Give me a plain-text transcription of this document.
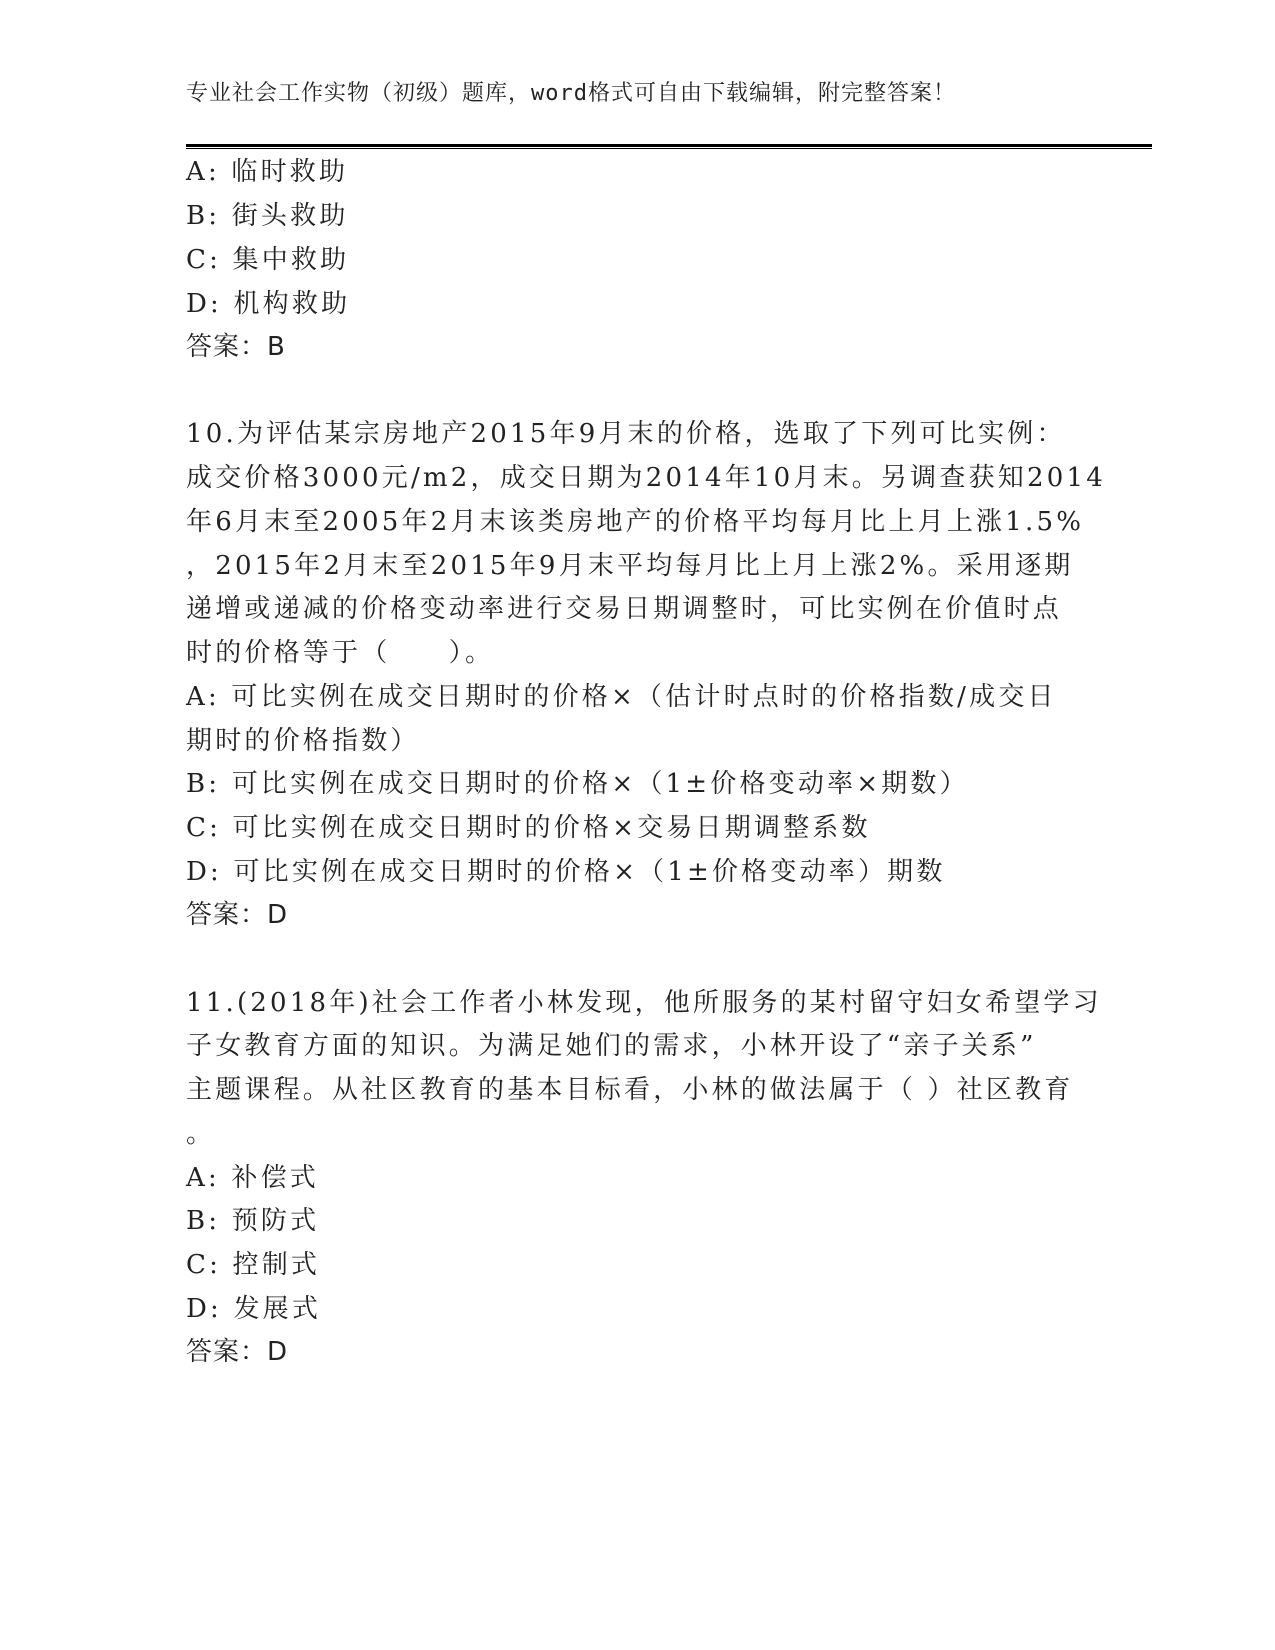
专业社会工作实物（初级）题库，word格式可自由下载编辑，附完整答案！
A: 临时救助
B: 街头救助
C: 集中救助
D: 机构救助
答案：B
10.为评估某宗房地产2015年9月末的价格，选取了下列可比实例：
成交价格3000元/m2，成交日期为2014年10月末。另调查获知2014
年6月末至2005年2月末该类房地产的价格平均每月比上月上涨1.5%
，2015年2月末至2015年9月末平均每月比上月上涨2%。采用逐期
递增或递减的价格变动率进行交易日期调整时，可比实例在价值时点
时的价格等于（　　）。
A: 可比实例在成交日期时的价格×（估计时点时的价格指数/成交日
期时的价格指数）
B: 可比实例在成交日期时的价格×（1±价格变动率×期数）
C: 可比实例在成交日期时的价格×交易日期调整系数
D: 可比实例在成交日期时的价格×（1±价格变动率）期数
答案：D
11.(2018年)社会工作者小林发现，他所服务的某村留守妇女希望学习
子女教育方面的知识。为满足她们的需求，小林开设了“亲子关系”
主题课程。从社区教育的基本目标看，小林的做法属于（ ）社区教育
。
A: 补偿式
B: 预防式
C: 控制式
D: 发展式
答案：D
